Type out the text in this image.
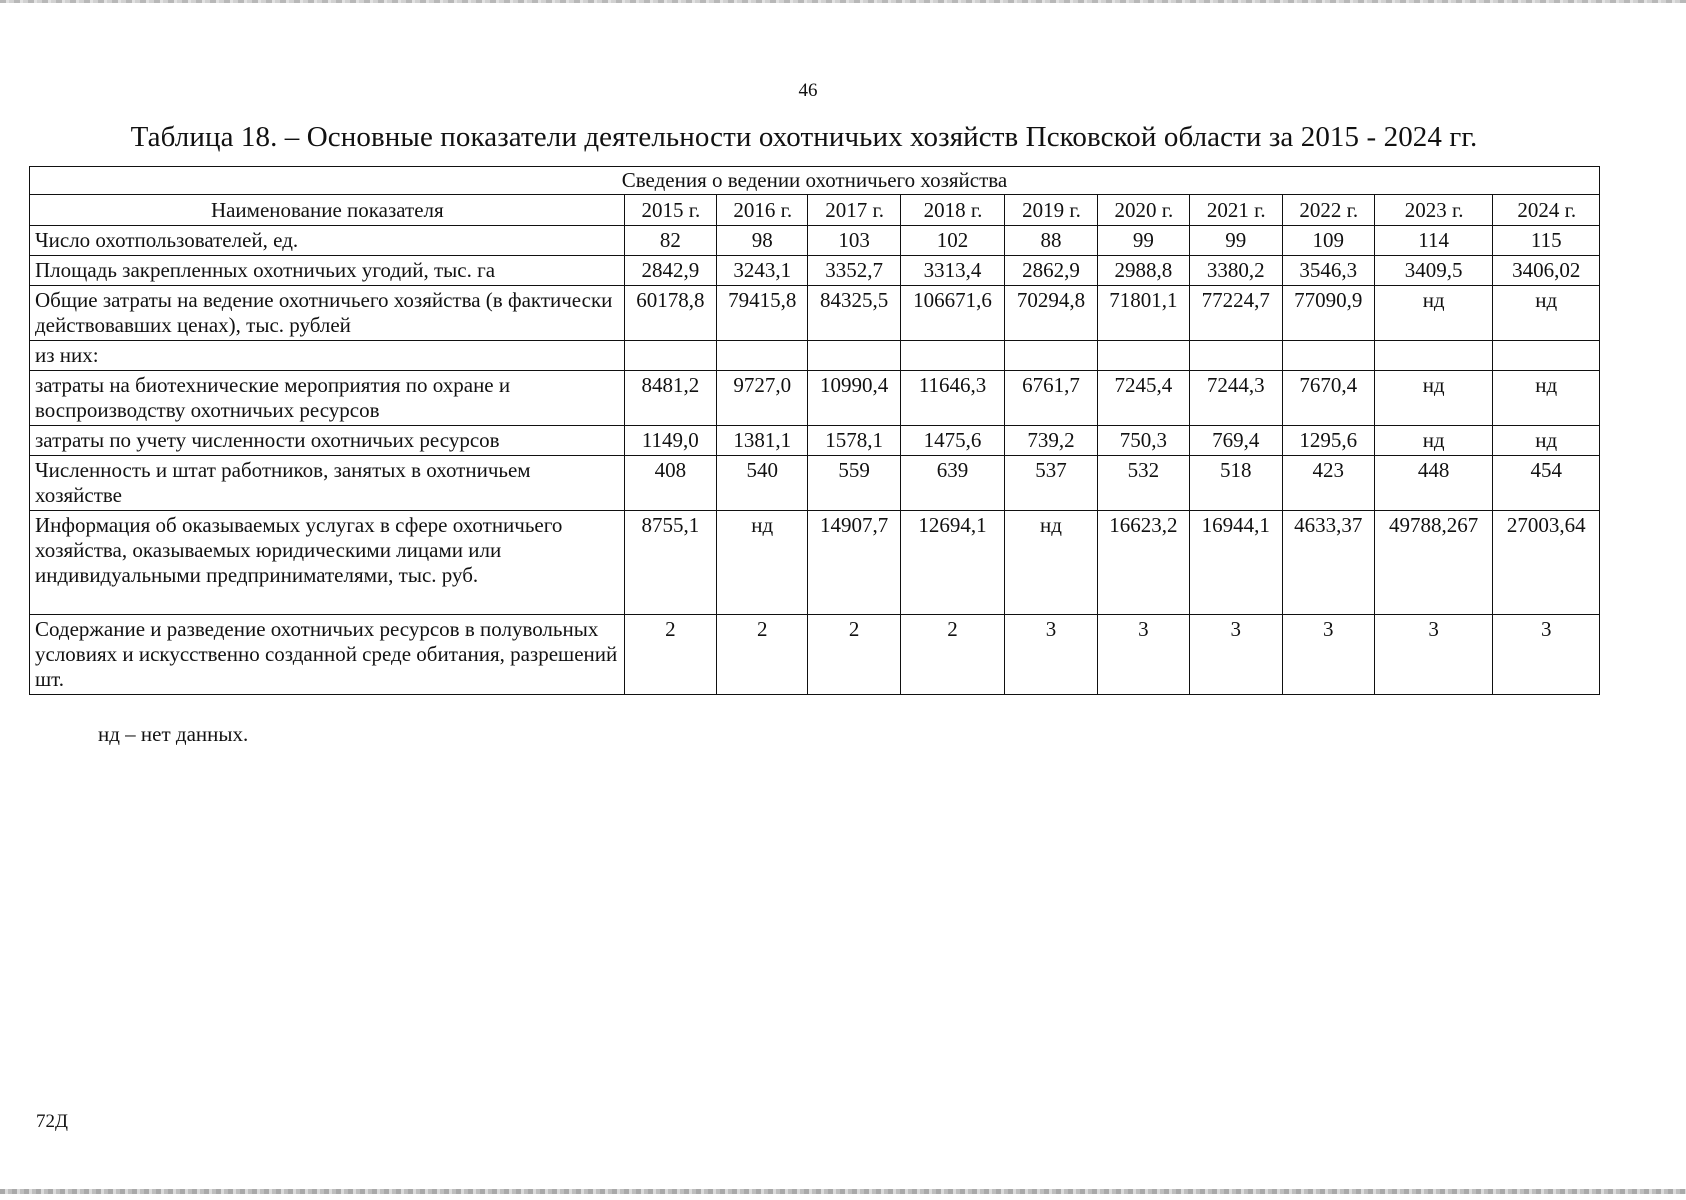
46
Таблица 18. – Основные показатели деятельности охотничьих хозяйств Псковской области за 2015 - 2024 гг.
Сведения о ведении охотничьего хозяйства										
Наименование показателя	2015 г.	2016 г.	2017 г.	2018 г.	2019 г.	2020 г.	2021 г.	2022 г.	2023 г.	2024 г.
Число охотпользователей, ед.	82	98	103	102	88	99	99	109	114	115
Площадь закрепленных охотничьих угодий, тыс. га	2842,9	3243,1	3352,7	3313,4	2862,9	2988,8	3380,2	3546,3	3409,5	3406,02
Общие затраты на ведение охотничьего хозяйства (в фактически действовавших ценах), тыс. рублей	60178,8	79415,8	84325,5	106671,6	70294,8	71801,1	77224,7	77090,9	нд	нд
из них:										
затраты на биотехнические мероприятия по охране и воспроизводству охотничьих ресурсов	8481,2	9727,0	10990,4	11646,3	6761,7	7245,4	7244,3	7670,4	нд	нд
затраты по учету численности охотничьих ресурсов	1149,0	1381,1	1578,1	1475,6	739,2	750,3	769,4	1295,6	нд	нд
Численность и штат работников, занятых в охотничьем хозяйстве	408	540	559	639	537	532	518	423	448	454
Информация об оказываемых услугах в сфере охотничьего хозяйства, оказываемых юридическими лицами или индивидуальными предпринимателями, тыс. руб.	8755,1	нд	14907,7	12694,1	нд	16623,2	16944,1	4633,37	49788,267	27003,64
Содержание и разведение охотничьих ресурсов в полувольных условиях и искусственно созданной среде обитания, разрешений шт.	2	2	2	2	3	3	3	3	3	3
нд – нет данных.
72Д
